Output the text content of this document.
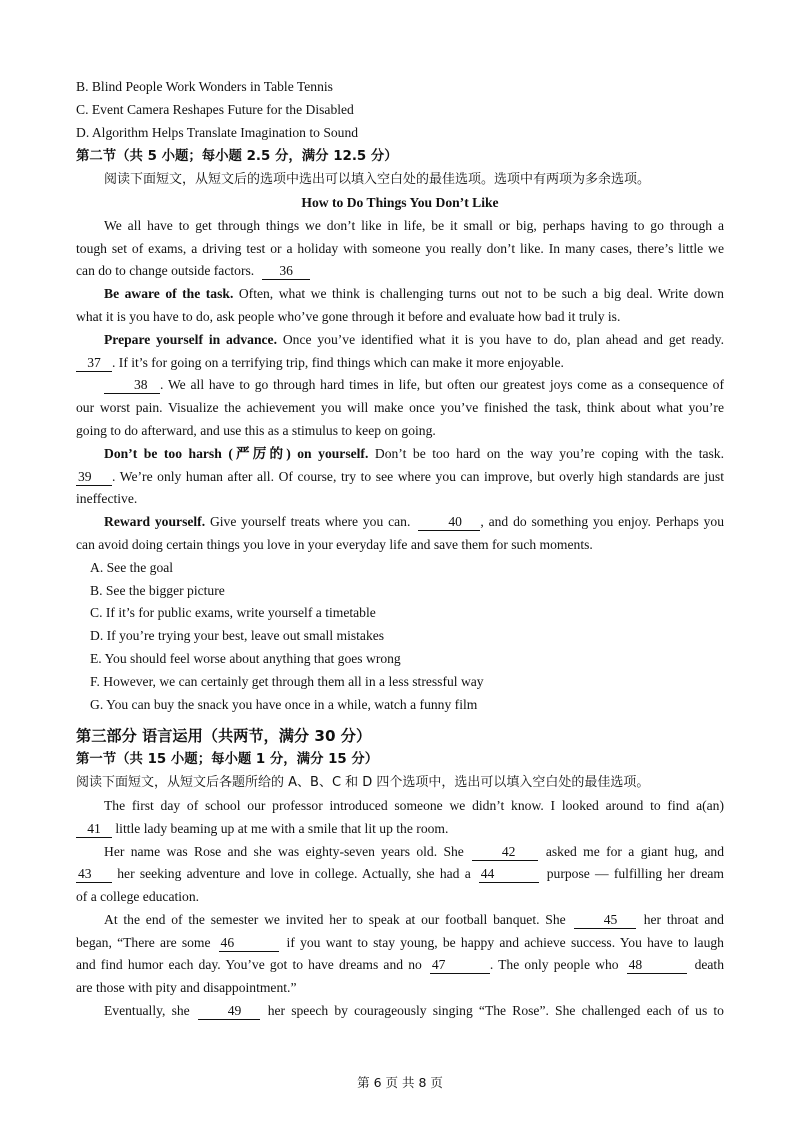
B. Blind People Work Wonders in Table Tennis

C. Event Camera Reshapes Future for the Disabled

D. Algorithm Helps Translate Imagination to Sound

第二节（共 5 小题；每小题 2.5 分，满分 12.5 分）

阅读下面短文，从短文后的选项中选出可以填入空白处的最佳选项。选项中有两项为多余选项。

How to Do Things You Don’t Like

We all have to get through things we don’t like in life, be it small or big, perhaps having to go through a

tough set of exams, a driving test or a holiday with someone you really don’t like. In many cases, there’s little we

can do to change outside factors. 36

Be aware of the task. Often, what we think is challenging turns out not to be such a big deal. Write down

what it is you have to do, ask people who’ve gone through it before and evaluate how bad it truly is.

Prepare yourself in advance. Once you’ve identified what it is you have to do, plan ahead and get ready.

37 . If it’s for going on a terrifying trip, find things which can make it more enjoyable.

38 . We all have to go through hard times in life, but often our greatest joys come as a consequence of

our worst pain. Visualize the achievement you will make once you’ve finished the task, think about what you’re

going to do afterward, and use this as a stimulus to keep on going.

Don’t be too harsh (严厉的) on yourself. Don’t be too hard on the way you’re coping with the task.

39 . We’re only human after all. Of course, try to see where you can improve, but overly high standards are just

ineffective.

Reward yourself. Give yourself treats where you can.	40 , and do something you enjoy. Perhaps you

can avoid doing certain things you love in your everyday life and save them for such moments.

A. See the goal

B. See the bigger picture

C. If it’s for public exams, write yourself a timetable

D. If you’re trying your best, leave out small mistakes

E. You should feel worse about anything that goes wrong

F. However, we can certainly get through them all in a less stressful way

G. You can buy the snack you have once in a while, watch a funny film

第三部分 语言运用（共两节，满分 30 分）

第一节（共 15 小题；每小题 1 分，满分 15 分）

阅读下面短文，从短文后各题所给的 A、B、C 和 D 四个选项中，选出可以填入空白处的最佳选项。

The first day of school our professor introduced someone we didn’t know. I looked around to find a(an)

41 little lady beaming up at me with a smile that lit up the room.

Her name was Rose and she was eighty-seven years old. She	42 asked me for a giant hug, and

43 her seeking adventure and love in college. Actually, she had a 44	purpose — fulfilling her dream

of a college education.

At the end of the semester we invited her to speak at our football banquet. She	45 her throat and

began, “There are some 46	if you want to stay young, be happy and achieve success. You have to laugh

and find humor each day. You’ve got to have dreams and no 47	. The only people who 48	death

are those with pity and disappointment.”

Eventually, she	49 her speech by courageously singing “The Rose”. She challenged each of us to

第 6 页 共 8 页
